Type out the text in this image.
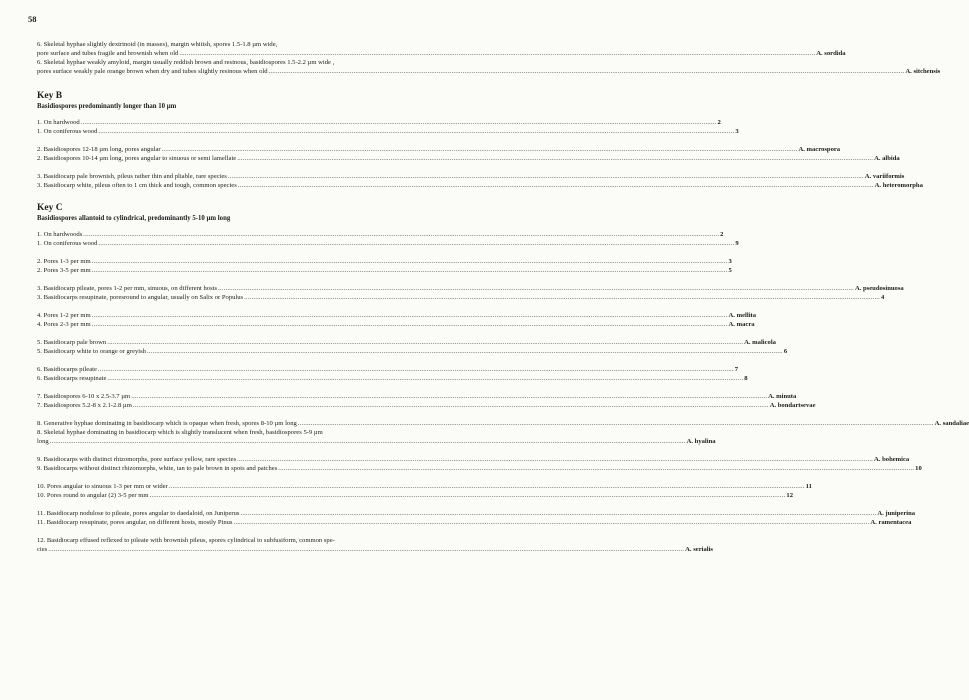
58
6. Skeletal hyphae slightly dextrinoid (in masses), margin whitish, spores 1.5-1.8 µm wide,
pore surface and tubes fragile and brownish when old .....	A. sordida
6. Skeletal hyphae weakly amyloid, margin usually reddish brown and resinous, basidiospores 1.5-2.2 µm wide ,
pores surface weakly pale orange brown when dry and tubes slightly resinous when old .....	A. sitchensis
Key B
Basidiospores predominantly longer than 10 µm
1. On hardwood .....	2
1. On coniferous wood .....	3
2. Basidiospores 12-18 µm long, pores angular .....	A. macrospora
2. Basidiospores 10-14 µm long, pores angular to sinuous or semi lamellate .....	A. albida
3. Basidiocarp pale brownish, pileus rather thin and pliable, rare species .....	A. variiformis
3. Basidiocarp white, pileus often to 1 cm thick and tough, common species .....	A. heteromorpha
Key C
Basidiospores allantoid to cylindrical, predominantly 5-10 µm long
1. On hardwoods .....	2
1. On coniferous wood .....	9
2. Pores 1-3 per mm .....	3
2. Pores 3-5 per mm .....	5
3. Basidiocarp pileate, pores 1-2 per mm, sinuous, on different hosts .....	A. pseudosinuosa
3. Basidiocarps resupinate, poresround to angular, usually on Salix or Populus .....	4
4. Pores 1-2 per mm .....	A. mellita
4. Pores 2-3 per mm .....	A. macra
5. Basidiocarp pale brown .....	A. malicola
5. Basidiocarp white to orange or greyish .....	6
6. Basidiocarps pileate .....	7
6. Basidiocarps resupinate .....	8
7. Basidiospores 6-10 x 2.5-3.7 µm .....	A. minuta
7. Basidiospores 5.2-8 x 2.1-2.8 µm .....	A. bondartsevae
8. Generative hyphae dominating in basidiocarp which is opaque when fresh, spores 8-10 µm long .....	A. sandaliae
8. Skeletal hyphae dominating in basidiocarp which is slightly translucent when fresh, basidiospores 5-9 µm
long .....	A. hyalina
9. Basidiocarps with distinct rhizomorphs, pore surface yellow, rare species .....	A. bohemica
9. Basidiocarps without distinct rhizomorphs, white, tan to pale brown in spots and patches .....	10
10. Pores angular to sinuous 1-3 per mm or wider .....	11
10. Pores round to angular (2) 3-5 per mm .....	12
11. Basidiocarp nodulose to pileate, pores angular to daedaloid, on Juniperus .....	A. juniperina
11. Basidiocarp resupinate, pores angular, on different hosts, mostly Pinus .....	A. ramentacea
12. Basidiocarp effused reflexed to pileate with brownish pileus, spores cylindrical to subfusiform, common spe-
cies .....	A. serialis
